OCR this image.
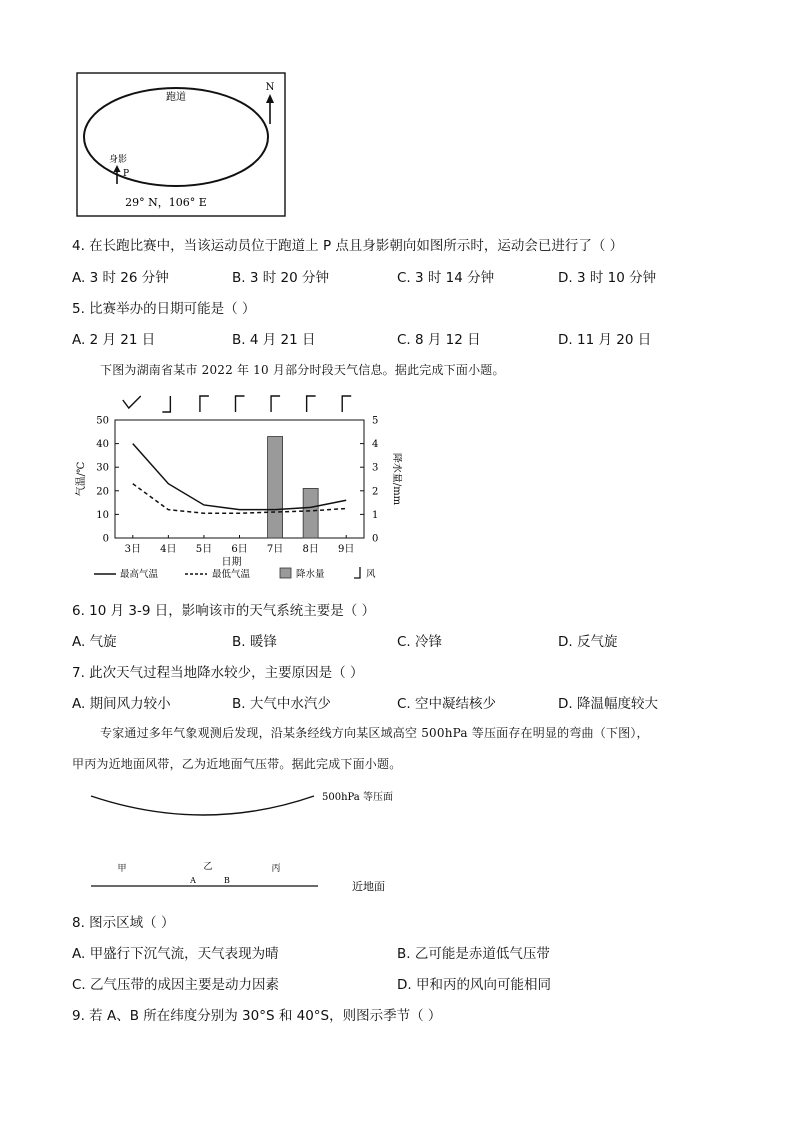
跑道
N
身影
P
29° N，106° E
4. 在长跑比赛中，当该运动员位于跑道上 P 点且身影朝向如图所示时，运动会已进行了（ ）
A. 3 时 26 分钟	B. 3 时 20 分钟	C. 3 时 14 分钟	D. 3 时 10 分钟
5. 比赛举办的日期可能是（ ）
A. 2 月 21 日	B. 4 月 21 日	C. 8 月 12 日	D. 11 月 20 日
下图为湖南省某市 2022 年 10 月部分时段天气信息。据此完成下面小题。
0
10
20
30
40
50
0
1
2
3
4
5
3日 4日 5日 6日 7日 8日 9日
日期
气温/℃	降水量/mm
最高气温	最低气温	降水量	风
6. 10 月 3-9 日，影响该市的天气系统主要是（ ）
A. 气旋	B. 暖锋	C. 冷锋	D. 反气旋
7. 此次天气过程当地降水较少，主要原因是（ ）
A. 期间风力较小	B. 大气中水汽少	C. 空中凝结核少	D. 降温幅度较大
专家通过多年气象观测后发现，沿某条经线方向某区域高空 500hPa 等压面存在明显的弯曲（下图），
甲丙为近地面风带，乙为近地面气压带。据此完成下面小题。
500hPa 等压面
甲	乙	丙
A	B	近地面
8. 图示区域（ ）
A. 甲盛行下沉气流，天气表现为晴	B. 乙可能是赤道低气压带
C. 乙气压带的成因主要是动力因素	D. 甲和丙的风向可能相同
9. 若 A、B 所在纬度分别为 30°S 和 40°S，则图示季节（ ）
